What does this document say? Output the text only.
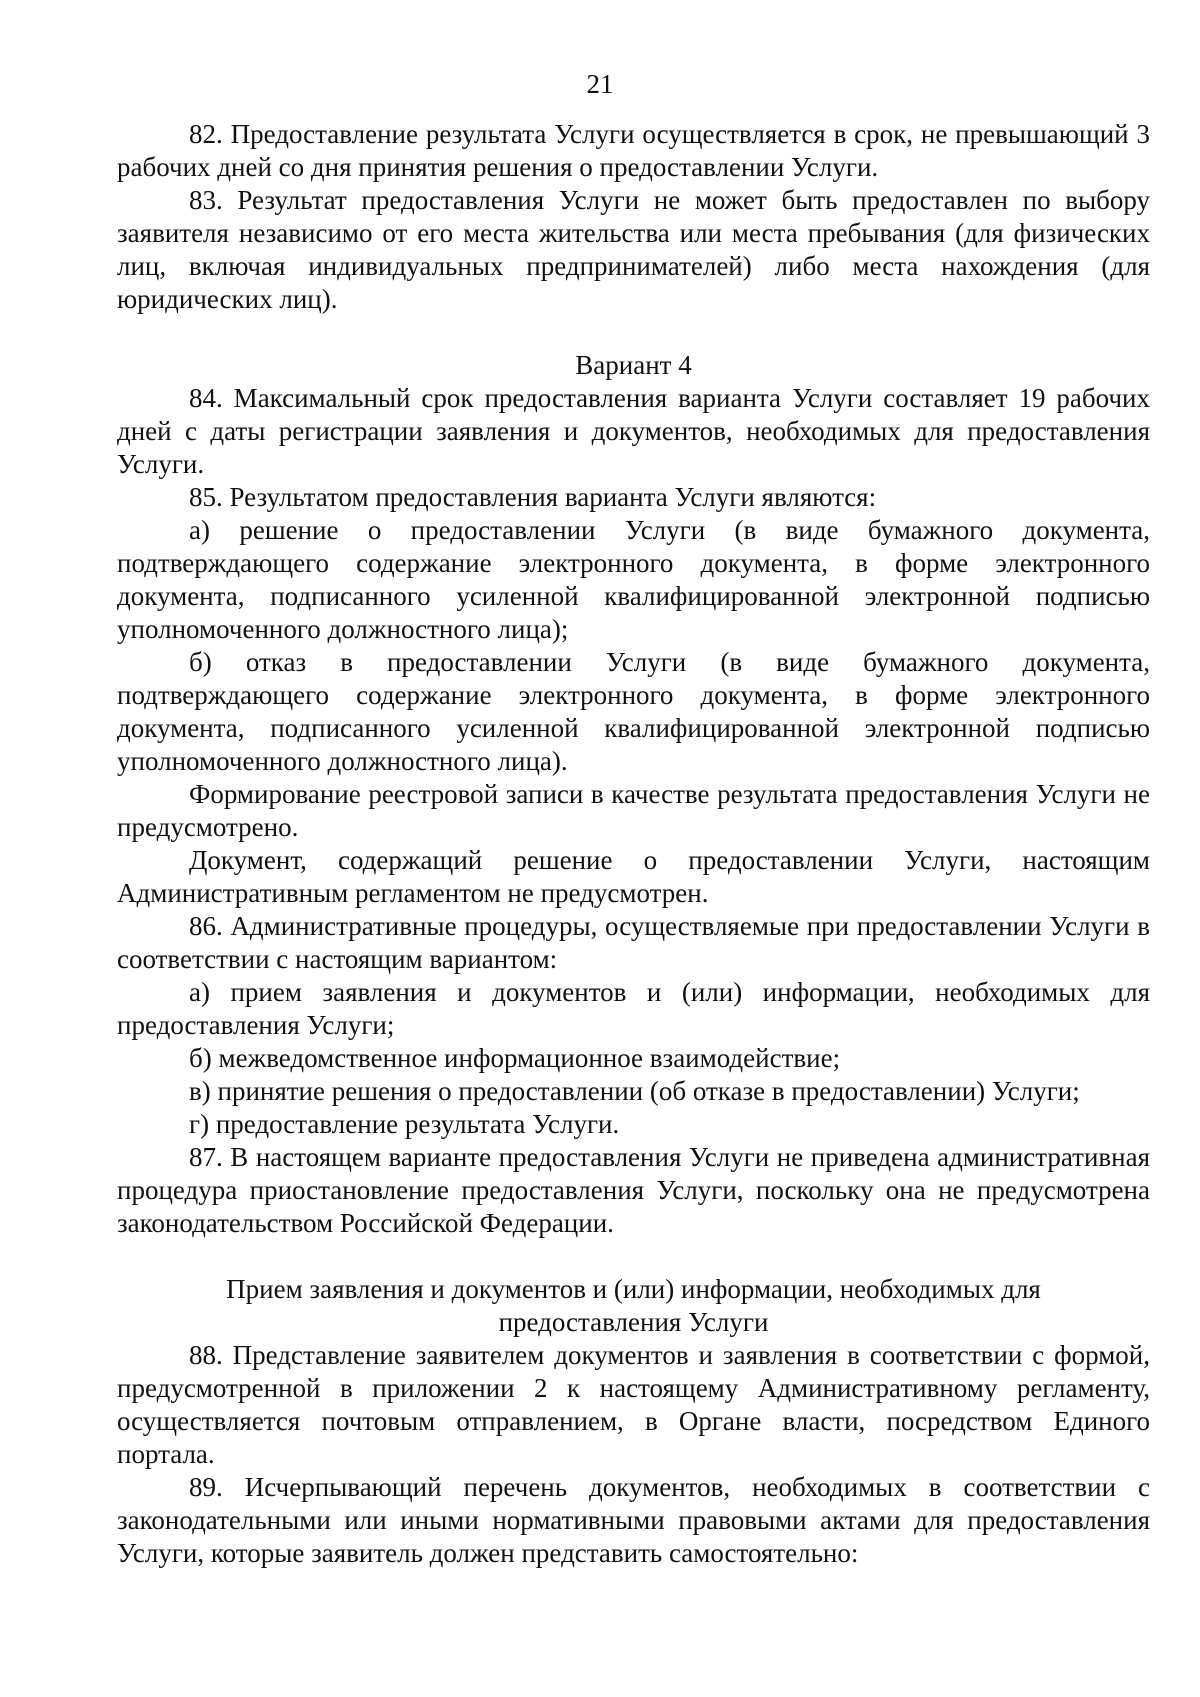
21

82. Предоставление результата Услуги осуществляется в срок, не превышающий 3 рабочих дней со дня принятия решения о предоставлении Услуги.

83. Результат предоставления Услуги не может быть предоставлен по выбору заявителя независимо от его места жительства или места пребывания (для физических лиц, включая индивидуальных предпринимателей) либо места нахождения (для юридических лиц).

Вариант 4

84. Максимальный срок предоставления варианта Услуги составляет 19 рабочих дней с даты регистрации заявления и документов, необходимых для предоставления Услуги.

85. Результатом предоставления варианта Услуги являются:

а) решение о предоставлении Услуги (в виде бумажного документа, подтверждающего содержание электронного документа, в форме электронного документа, подписанного усиленной квалифицированной электронной подписью уполномоченного должностного лица);

б) отказ в предоставлении Услуги (в виде бумажного документа, подтверждающего содержание электронного документа, в форме электронного документа, подписанного усиленной квалифицированной электронной подписью уполномоченного должностного лица).

Формирование реестровой записи в качестве результата предоставления Услуги не предусмотрено.

Документ, содержащий решение о предоставлении Услуги, настоящим Административным регламентом не предусмотрен.

86. Административные процедуры, осуществляемые при предоставлении Услуги в соответствии с настоящим вариантом:

а) прием заявления и документов и (или) информации, необходимых для предоставления Услуги;

б) межведомственное информационное взаимодействие;

в) принятие решения о предоставлении (об отказе в предоставлении) Услуги;

г) предоставление результата Услуги.

87. В настоящем варианте предоставления Услуги не приведена административная процедура приостановление предоставления Услуги, поскольку она не предусмотрена законодательством Российской Федерации.

Прием заявления и документов и (или) информации, необходимых для

предоставления Услуги

88. Представление заявителем документов и заявления в соответствии с формой, предусмотренной в приложении 2 к настоящему Административному регламенту, осуществляется почтовым отправлением, в Органе власти, посредством Единого портала.

89. Исчерпывающий перечень документов, необходимых в соответствии с законодательными или иными нормативными правовыми актами для предоставления Услуги, которые заявитель должен представить самостоятельно:
